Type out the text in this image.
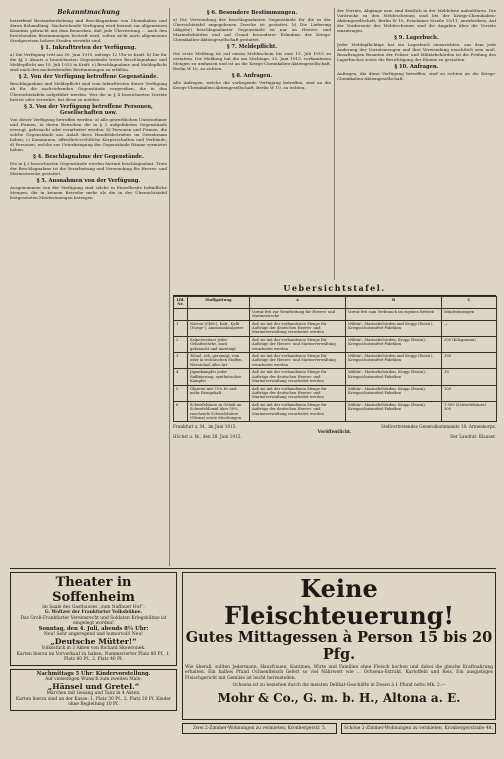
Bekanntmachung
betreffend Bestandserhebung und Beschlagnahme von Chemikalien und deren Behandlung. Nachstehende Verfügung wird hiermit zur allgemeinen Kenntnis gebracht mit dem Bemerken, daß jede Übertretung ... nach den bestehenden Bestimmungen bestraft wird, sofern nicht nach allgemeinen Strafgesetzen höhere Strafen verwirkt sind.
§ 1. Inkrafttreten der Verfügung.
a) Die Verfügung tritt am 30. Juni 1915, mittags 12 Uhr in Kraft. b) Die für die §§ 3 Absatz a bezeichneten Gegenstände treten Beschlagnahme und Meldepflicht am 15. Juli 1915 in Kraft. c) Beschlagnahme und Meldepflicht sind nach den nachstehenden Bestimmungen zu erfüllen.
§ 2. Von der Verfügung betroffene Gegenstände.
Beschlagnahme und Meldepflicht sind vom Inkrafttreten dieser Verfügung ab für die nachstehenden Gegenstände vorgesehen, die in den Übersichtstafeln aufgeführt werden. Wer die in § 4 bezeichneten Vorräte besitzt oder verwahrt, hat diese zu melden.
§ 3. Von der Verfügung betroffene Personen, Gesellschaften usw.
Von dieser Verfügung betroffen werden: a) alle gewerblichen Unternehmer und Firmen, in deren Betrieben die in § 2 aufgeführten Gegenstände erzeugt, gebraucht oder verarbeitet werden; b) Personen und Firmen, die solche Gegenstände aus Anlaß ihres Handelsbetriebes im Gewahrsam haben; c) Kommunen, öffentlich-rechtliche Körperschaften und Verbände; d) Personen, welche zur Unterbringung der Gegenstände Räume vermietet haben.
§ 4. Beschlagnahme der Gegenstände.
Die in § 2 bezeichneten Gegenstände werden hiermit beschlagnahmt. Trotz der Beschlagnahme ist die Verarbeitung und Verwendung für Heeres- und Marinezwecke gestattet.
§ 5. Ausnahmen von der Verfügung.
Ausgenommen von der Verfügung sind solche in Einzelbesitz befindliche Mengen, die in keinem Betriebe mehr als die in der Übersichtstafel festgesetzten Mindestmengen betragen.
§ 6. Besondere Bestimmungen.
a) Die Verwendung der beschlagnahmten Gegenstände für die in der Übersichtstafel angegebenen Zwecke ist gestattet. b) Die Lieferung (Abgabe) beschlagnahmter Gegenstände ist nur an Heeres- und Marinebehörden und auf Grund besonderer Erlaubnis der Kriegs-Chemikalien-Aktiengesellschaft gestattet.
§ 7. Meldepflicht.
Die erste Meldung ist auf einem Meldeschein bis zum 15. Juli 1915 zu erstatten. Die Meldung hat die am Stichtage, 30. Juni 1915, vorhandenen Mengen zu umfassen und ist an die Kriegs-Chemikalien-Aktiengesellschaft, Berlin W 10, zu richten.
§ 8. Anfragen.
Alle Anfragen, welche die vorliegende Verfügung betreffen, sind an die Kriegs-Chemikalien-Aktiengesellschaft, Berlin W 10, zu richten.
der Vorräte, Abgänge usw. sind deutlich in der Meldeliste aufzuführen. Die Vordrucke zu den Meldescheinen sind bei der Kriegs-Chemikalien-Aktiengesellschaft, Berlin W 10, Potsdamer Straße 10/11, anzufordern. Auf der Vorderseite des Meldescheines sind die Angaben über die Vorräte einzutragen.
§ 9. Lagerbuch.
Jeder Meldepflichtige hat ein Lagerbuch einzurichten, aus dem jede Änderung der Vorratsmengen und ihre Verwendung ersichtlich sein muß. Beauftragten Beamten der Polizei- und Militärbehörden ist die Prüfung des Lagerbuches sowie die Besichtigung der Räume zu gestatten.
§ 10. Anfragen.
Anfragen, die diese Verfügung betreffen, sind zu richten an die Kriegs-Chemikalien-Aktiengesellschaft.
Uebersichtstafel.
Lfd. Nr.	Stoffgattung	A	B	C
		Vorrat frei zur Verarbeitung für Heeres- und Marinezwecke	Vorrat frei zum Verbrauch im eigenen Betrieb	Mindestmengen
1	Natron-(Chili-), Kali-, Kalk-(Norge-), Ammoniaksalpeter	daß sie mit der vorhandenen Menge für Aufträge der deutschen Heeres- und Marineverwaltung verarbeitet werden	Militär-, Marinebehörden und Krupp (Essen), Kriegsschutzmittel-Fabriken	—
2	Salpetersäure jeder Gehaltsstärke, auch gebraucht und unreinigt	daß sie mit der vorhandenen Menge für Aufträge der Heeres- und Marineverwaltung verarbeitet werden	Militär-, Marinebehörden, Krupp (Essen), Kriegsschutzmittel-Fabriken	500 (Kilogramm)
3	Toluol, roh, gereinigt, rein oder in technischen Stoffen, Nitrotoluol aller Art	daß sie mit der vorhandenen Menge für Aufträge der Heeres- und Marineverwaltung verarbeitet werden	Militär-, Marinebehörden und Krupp (Essen), Kriegsschutzmittel-Fabriken	100
4	Japankampfer jeder Raffinierung, synthetischer Kampfer	daß sie mit der vorhandenen Menge für Aufträge der deutschen Heeres- und Marineverwaltung verarbeitet werden	Militär-, Marinebehörden, Krupp (Essen), Kriegsschutzmittel-Fabriken	10
5	Glyzerin mit 75% H₂ und mehr Reingehalt	daß sie mit der vorhandenen Menge für Aufträge der deutschen Heeres- und Marineverwaltung verarbeitet werden	Militär-, Marinebehörden, Krupp (Essen), Kriegsschutzmittel-Fabriken	100
6	Schwefelsäure in Gehalt an Schwefeldioxid über 50%, rauchende Schwefelsäure (Oleum) sowie Mischungen	daß sie mit der vorhandenen Menge für Aufträge der deutschen Heeres- und Marineverwaltung verarbeitet werden	Militär-, Marinebehörden, Krupp (Essen), Kriegsschutzmittel-Fabriken	1 500 (Schwefelsäure) 300
Frankfurt a. M., im Juni 1915.	Stellvertretendes Generalkommando 18. Armeekorps.
Veröffentlicht.
Höchst a. M., den 28. Juni 1915.	Der Landrat: Klauser.
Theater in Soffenheim
im Saale des Gasthauses „zum Naffauer Hof“.
G. Woltzer der Frankfurter Volksbühne.
Das Groß-Frankfurter Vereinsrecht und Soldaten-Kriegsbühne ist eingelegt worden!
Sonntag, den 4. Juli, abends 8½ Uhr:
Neu! Sehr angeregend und humorvoll! Neu!
„Deutsche Mütter!“
Volksstück in 3 Akten von Richard Skowronek.
Karten hierzu im Vorverkauf zu haben. Nummerierter Platz 80 Pf., 1. Platz 60 Pf., 2. Platz 40 Pf.
Nachmittags 5 Uhr: Kindervorstellung.
Auf vielseitigen Wunsch zum zweiten Male:
„Hänsel und Gretel.“
Märchen mit Gesang und Tanz in 4 Akten.
Karten hierzu sind an der Kasse: 1. Platz 30 Pf., 2. Platz 20 Pf. Kinder ohne Begleitung 10 Pf.
Keine Fleischteuerung!
Gutes Mittagessen à Person 15 bis 20 Pfg.
Wie überall, sollten Jedermann, Hausfrauen, Kantinen, Wirte und Familien ohne Fleisch kochen und dabei die gleiche Kraftnahrung erhalten. Ein halbes Pfund Ochsenfleisch liefert so viel Nährwert wie ... Ochsena-Extrakt, Kartoffeln und Reis. Ein ausgiebiges Fleischgericht mit Gemüse ist leicht herzustellen.
Ochsena ist zu beziehen durch die meisten Delikat-Geschäfte in Dosen à 1 Pfund netto Mk. 2.—
Mohr & Co., G. m. b. H., Altona a. E.
Zwei 2-Zimmer-Wohnungen zu vermieten, Kronbergerstr. 5.	Schöne 2-Zimmer-Wohnungen zu vermieten, Kronbergerstraße 48.
